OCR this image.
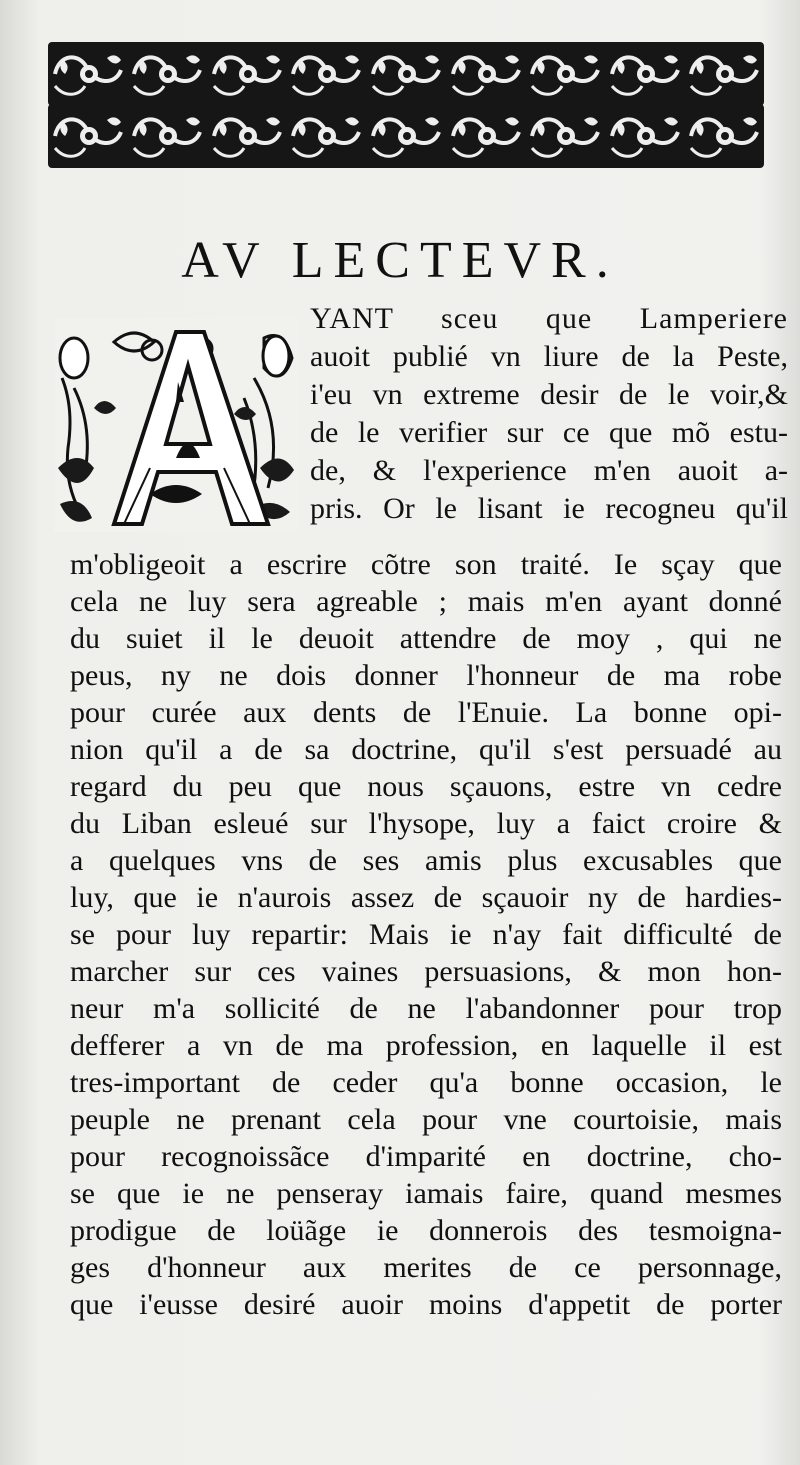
AV LECTEVR.
YANT sceu que Lamperiere
auoit publié vn liure de la Peste,
i'eu vn extreme desir de le voir,&
de le verifier sur ce que mõ estu-
de, & l'experience m'en auoit a-
pris. Or le lisant ie recogneu qu'il
m'obligeoit a escrire cõtre son traité. Ie sçay que
cela ne luy sera agreable ; mais m'en ayant donné
du suiet il le deuoit attendre de moy , qui ne
peus, ny ne dois donner l'honneur de ma robe
pour curée aux dents de l'Enuie. La bonne opi-
nion qu'il a de sa doctrine, qu'il s'est persuadé au
regard du peu que nous sçauons, estre vn cedre
du Liban esleué sur l'hysope, luy a faict croire &
a quelques vns de ses amis plus excusables que
luy, que ie n'aurois assez de sçauoir ny de hardies-
se pour luy repartir: Mais ie n'ay fait difficulté de
marcher sur ces vaines persuasions, & mon hon-
neur m'a sollicité de ne l'abandonner pour trop
defferer a vn de ma profession, en laquelle il est
tres-important de ceder qu'a bonne occasion, le
peuple ne prenant cela pour vne courtoisie, mais
pour recognoissãce d'imparité en doctrine, cho-
se que ie ne penseray iamais faire, quand mesmes
prodigue de loüãge ie donnerois des tesmoigna-
ges d'honneur aux merites de ce personnage,
que i'eusse desiré auoir moins d'appetit de porter
